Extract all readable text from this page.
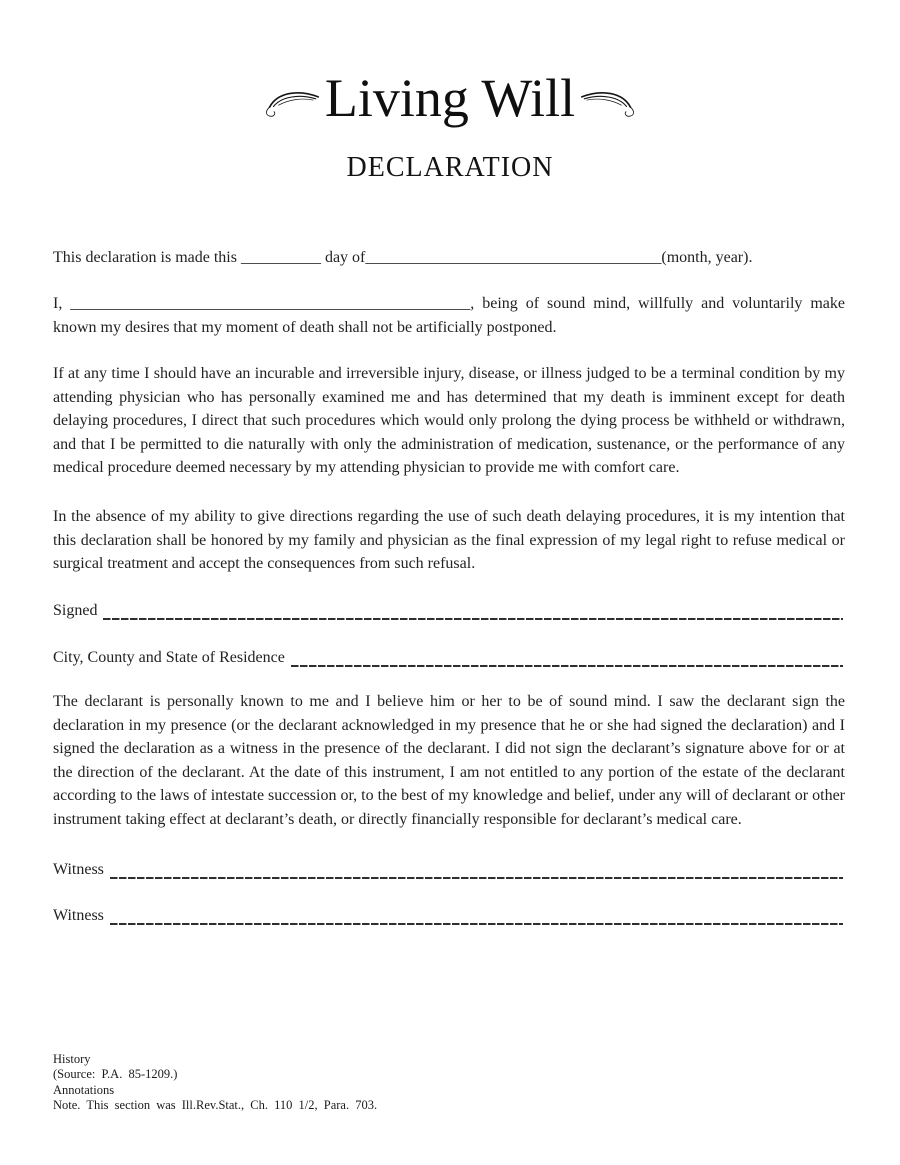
Living Will
DECLARATION
This declaration is made this __________ day of_____________________________________(month, year).
I, __________________________________________________, being of sound mind, willfully and voluntarily make known my desires that my moment of death shall not be artificially postponed.
If at any time I should have an incurable and irreversible injury, disease, or illness judged to be a terminal condition by my attending physician who has personally examined me and has determined that my death is imminent except for death delaying procedures, I direct that such procedures which would only prolong the dying process be withheld or withdrawn, and that I be permitted to die naturally with only the administration of medication, sustenance, or the performance of any medical procedure deemed necessary by my attending physician to provide me with comfort care.
In the absence of my ability to give directions regarding the use of such death delaying procedures, it is my intention that this declaration shall be honored by my family and physician as the final expression of my legal right to refuse medical or surgical treatment and accept the consequences from such refusal.
Signed
City, County and State of Residence
The declarant is personally known to me and I believe him or her to be of sound mind. I saw the declarant sign the declaration in my presence (or the declarant acknowledged in my presence that he or she had signed the declaration) and I signed the declaration as a witness in the presence of the declarant. I did not sign the declarant’s signature above for or at the direction of the declarant. At the date of this instrument, I am not entitled to any portion of the estate of the declarant according to the laws of intestate succession or, to the best of my knowledge and belief, under any will of declarant or other instrument taking effect at declarant’s death, or directly financially responsible for declarant’s medical care.
Witness
Witness
History
(Source: P.A. 85-1209.)
Annotations
Note. This section was Ill.Rev.Stat., Ch. 110 1/2, Para. 703.
